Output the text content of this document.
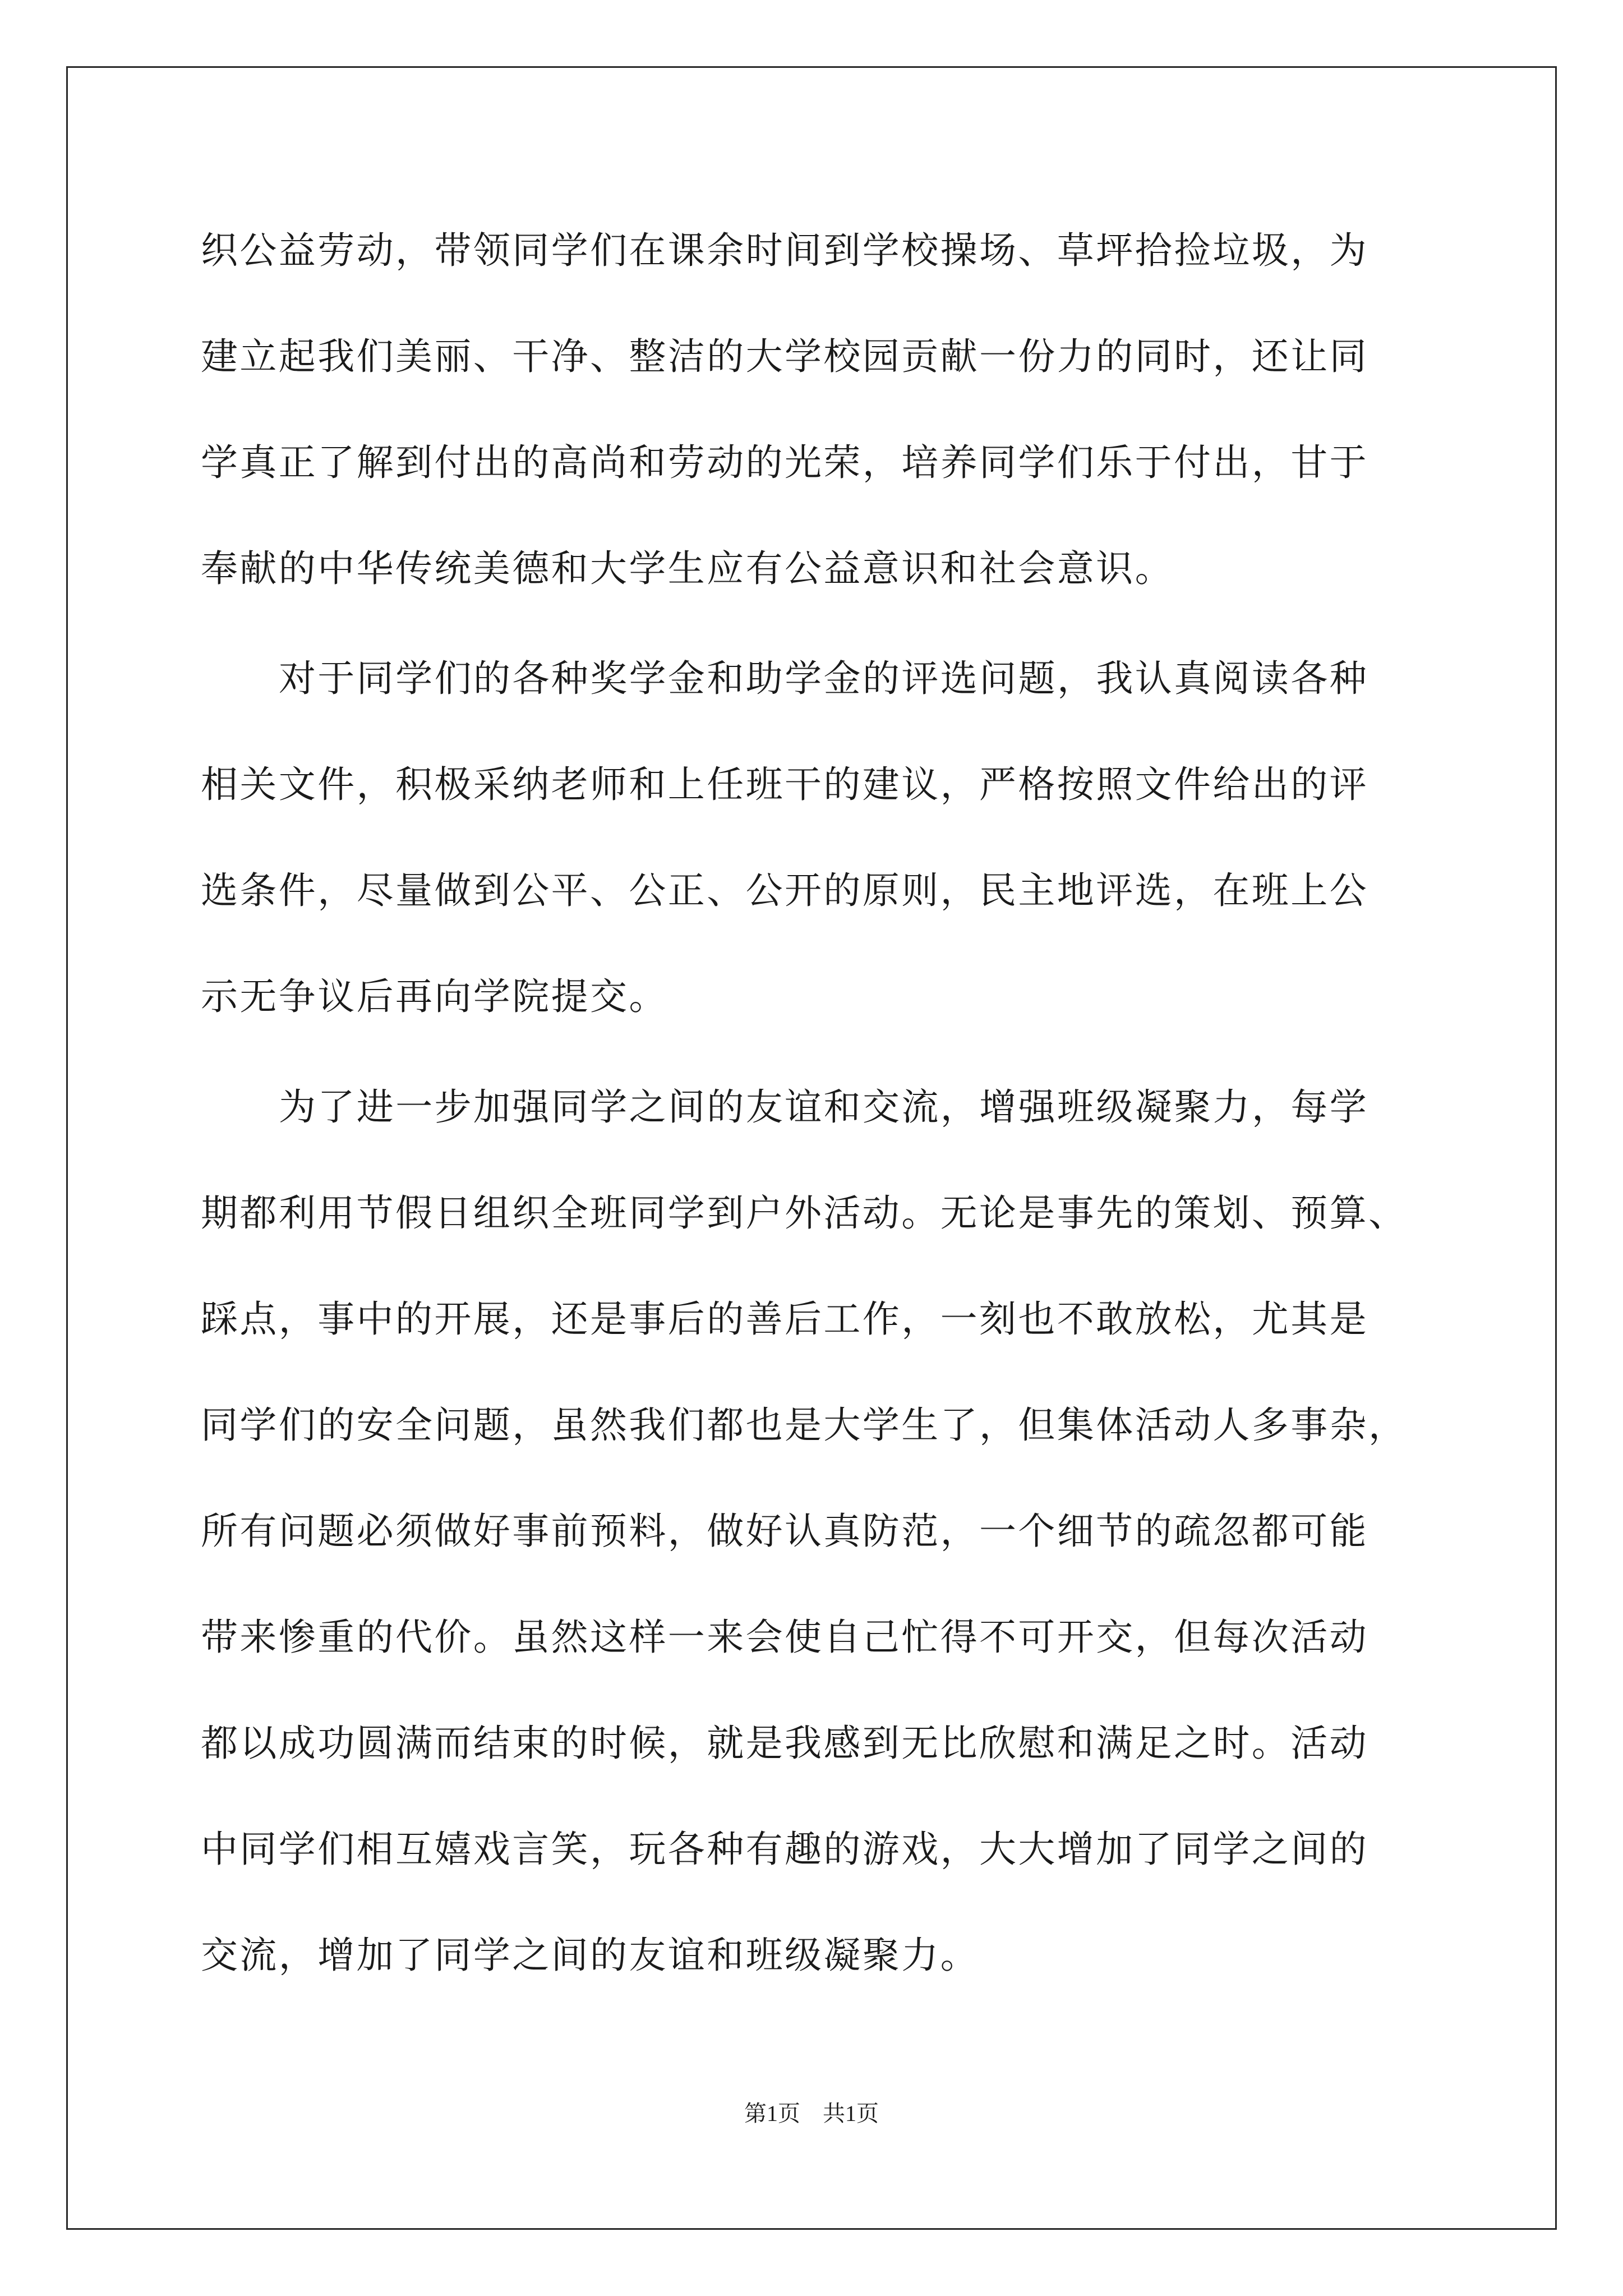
织公益劳动，带领同学们在课余时间到学校操场、草坪拾捡垃圾，为
建立起我们美丽、干净、整洁的大学校园贡献一份力的同时，还让同
学真正了解到付出的高尚和劳动的光荣，培养同学们乐于付出，甘于
奉献的中华传统美德和大学生应有公益意识和社会意识。
对于同学们的各种奖学金和助学金的评选问题，我认真阅读各种
相关文件，积极采纳老师和上任班干的建议，严格按照文件给出的评
选条件，尽量做到公平、公正、公开的原则，民主地评选，在班上公
示无争议后再向学院提交。
为了进一步加强同学之间的友谊和交流，增强班级凝聚力，每学
期都利用节假日组织全班同学到户外活动。无论是事先的策划、预算、
踩点，事中的开展，还是事后的善后工作，一刻也不敢放松，尤其是
同学们的安全问题，虽然我们都也是大学生了，但集体活动人多事杂，
所有问题必须做好事前预料，做好认真防范，一个细节的疏忽都可能
带来惨重的代价。虽然这样一来会使自己忙得不可开交，但每次活动
都以成功圆满而结束的时候，就是我感到无比欣慰和满足之时。活动
中同学们相互嬉戏言笑，玩各种有趣的游戏，大大增加了同学之间的
交流，增加了同学之间的友谊和班级凝聚力。
第1页　共1页
